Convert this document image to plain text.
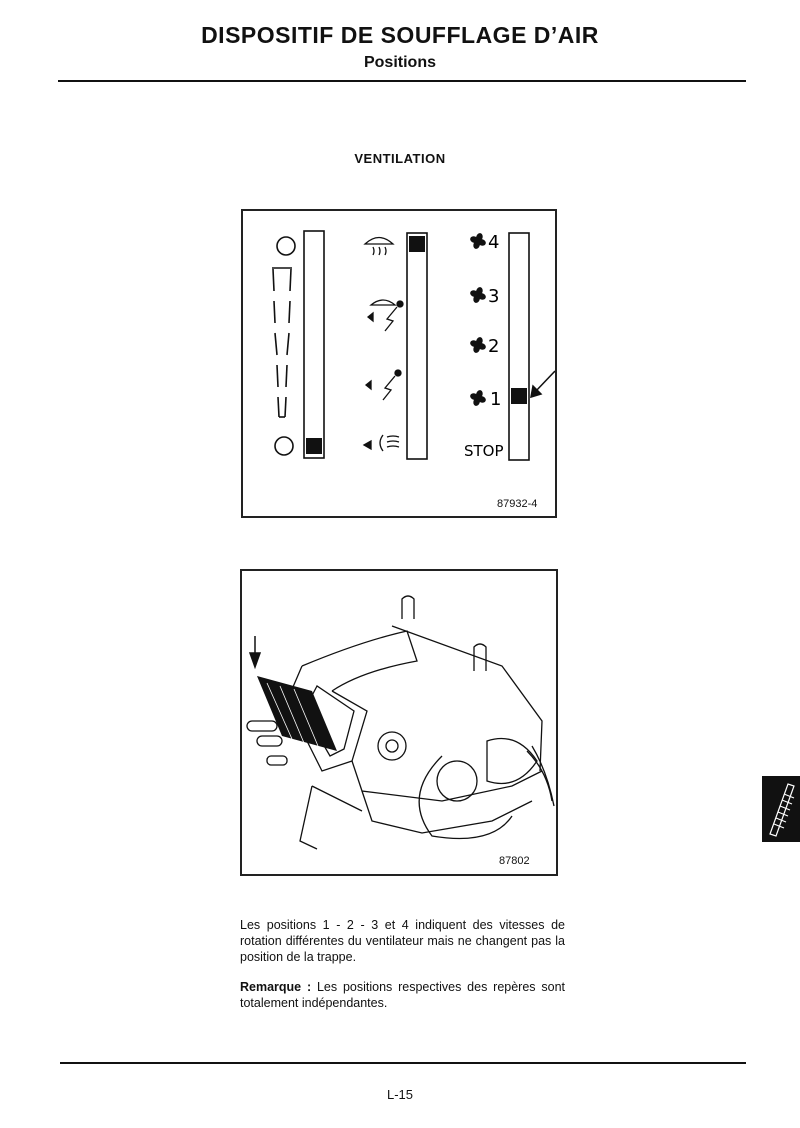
DISPOSITIF DE SOUFFLAGE D’AIR
Positions
VENTILATION
4
3
2
1
STOP
87932-4
87802
Les positions 1 - 2 - 3 et 4 indiquent des vitesses de rotation différentes du ventilateur mais ne changent pas la position de la trappe.
Remarque : Les positions respectives des repères sont totalement indépendantes.
L-15
